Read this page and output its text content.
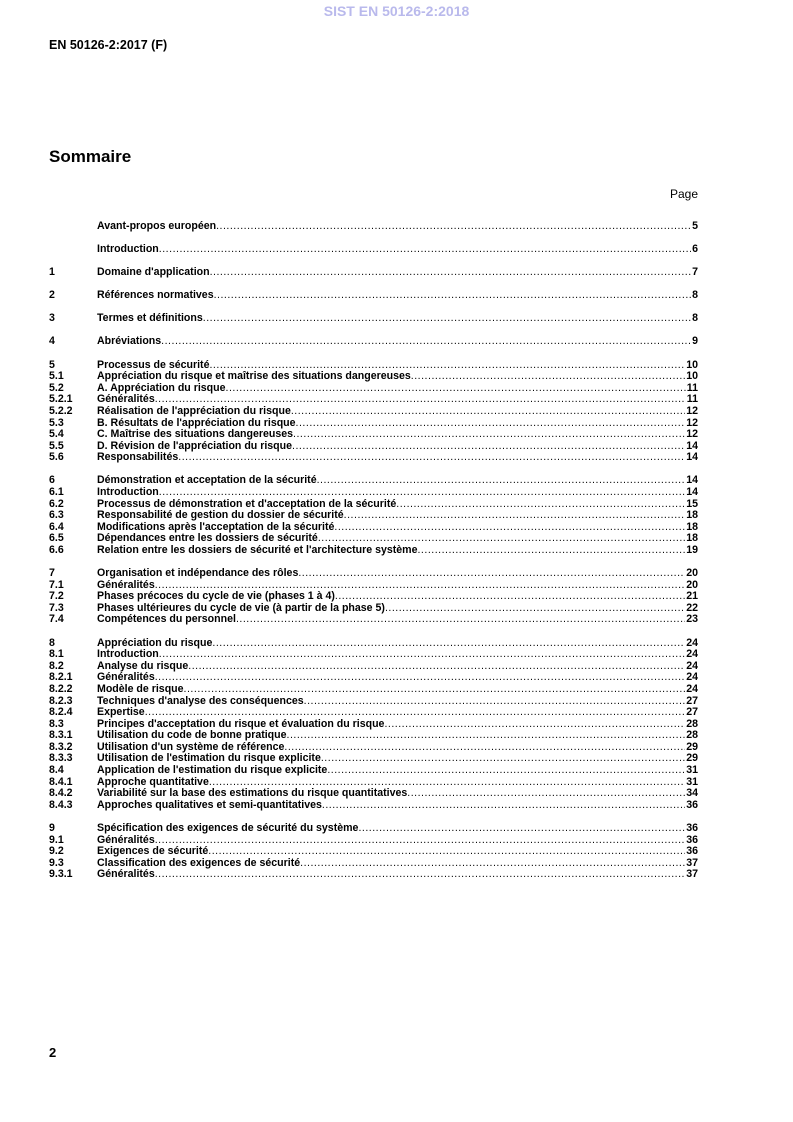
SIST EN 50126-2:2018
EN 50126-2:2017 (F)
Sommaire
Page
Avant-propos européen .....	5
Introduction .....	6
1	Domaine d'application .....	7
2	Références normatives .....	8
3	Termes et définitions .....	8
4	Abréviations .....	9
5	Processus de sécurité .....	10
5.1	Appréciation du risque et maîtrise des situations dangereuses .....	10
5.2	A. Appréciation du risque .....	11
5.2.1	Généralités .....	11
5.2.2	Réalisation de l'appréciation du risque .....	12
5.3	B. Résultats de l'appréciation du risque .....	12
5.4	C. Maîtrise des situations dangereuses .....	12
5.5	D. Révision de l'appréciation du risque .....	14
5.6	Responsabilités .....	14
6	Démonstration et acceptation de la sécurité .....	14
6.1	Introduction .....	14
6.2	Processus de démonstration et d'acceptation de la sécurité .....	15
6.3	Responsabilité de gestion du dossier de sécurité .....	18
6.4	Modifications après l'acceptation de la sécurité .....	18
6.5	Dépendances entre les dossiers de sécurité .....	18
6.6	Relation entre les dossiers de sécurité et l'architecture système .....	19
7	Organisation et indépendance des rôles .....	20
7.1	Généralités .....	20
7.2	Phases précoces du cycle de vie (phases 1 à 4) .....	21
7.3	Phases ultérieures du cycle de vie (à partir de la phase 5) .....	22
7.4	Compétences du personnel .....	23
8	Appréciation du risque .....	24
8.1	Introduction .....	24
8.2	Analyse du risque .....	24
8.2.1	Généralités .....	24
8.2.2	Modèle de risque .....	24
8.2.3	Techniques d'analyse des conséquences .....	27
8.2.4	Expertise .....	27
8.3	Principes d'acceptation du risque et évaluation du risque .....	28
8.3.1	Utilisation du code de bonne pratique .....	28
8.3.2	Utilisation d'un système de référence .....	29
8.3.3	Utilisation de l'estimation du risque explicite .....	29
8.4	Application de l'estimation du risque explicite .....	31
8.4.1	Approche quantitative .....	31
8.4.2	Variabilité sur la base des estimations du risque quantitatives .....	34
8.4.3	Approches qualitatives et semi-quantitatives .....	36
9	Spécification des exigences de sécurité du système .....	36
9.1	Généralités .....	36
9.2	Exigences de sécurité .....	36
9.3	Classification des exigences de sécurité .....	37
9.3.1	Généralités .....	37
2
